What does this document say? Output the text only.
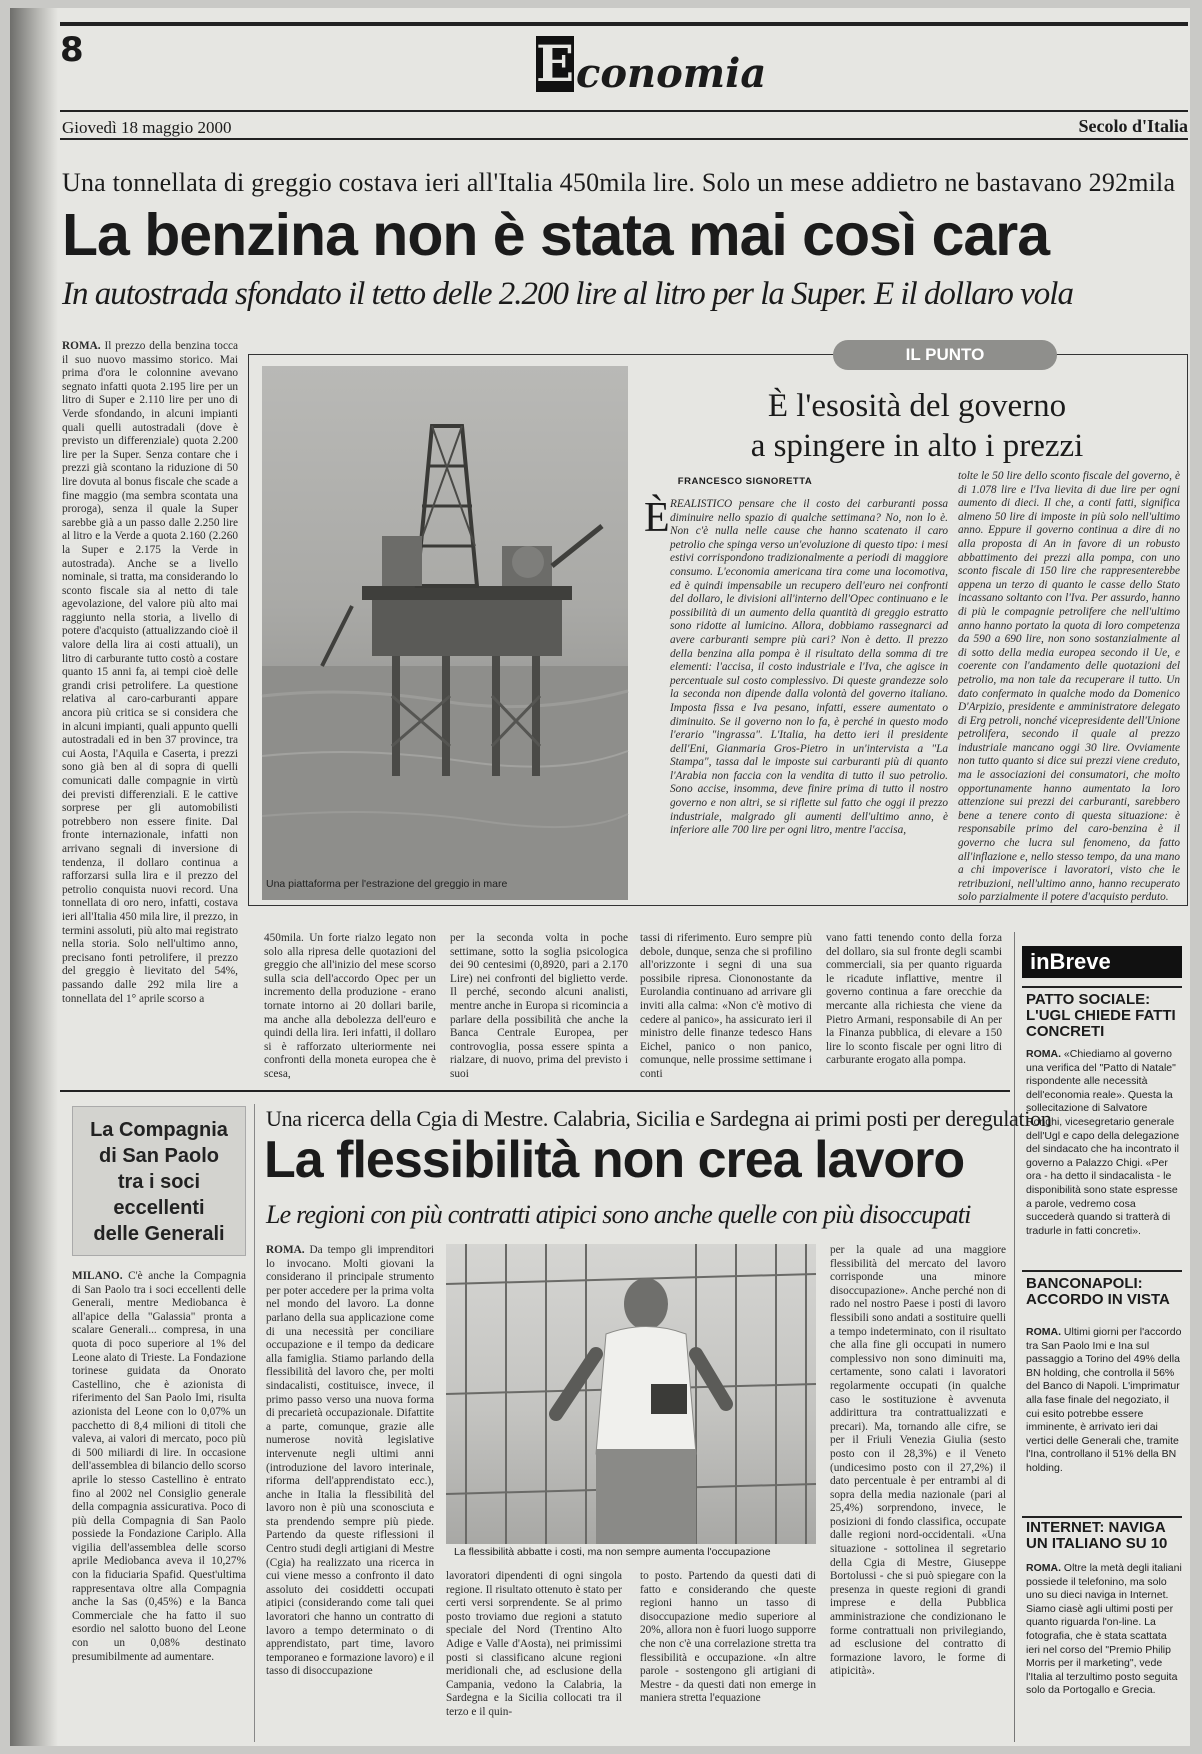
8	E conomia
Giovedì 18 maggio 2000	Secolo d'Italia
Una tonnellata di greggio costava ieri all'Italia 450mila lire. Solo un mese addietro ne bastavano 292mila
La benzina non è stata mai così cara
In autostrada sfondato il tetto delle 2.200 lire al litro per la Super. E il dollaro vola
ROMA. Il prezzo della benzina tocca il suo nuovo massimo storico. Mai prima d'ora le colonnine avevano segnato infatti quota 2.195 lire per un litro di Super e 2.110 lire per uno di Verde sfondando, in alcuni impianti quali quelli autostradali (dove è previsto un differenziale) quota 2.200 lire per la Super. Senza contare che i prezzi già scontano la riduzione di 50 lire dovuta al bonus fiscale che scade a fine maggio (ma sembra scontata una proroga), senza il quale la Super sarebbe già a un passo dalle 2.250 lire al litro e la Verde a quota 2.160 (2.260 la Super e 2.175 la Verde in autostrada). Anche se a livello nominale, si tratta, ma considerando lo sconto fiscale sia al netto di tale agevolazione, del valore più alto mai raggiunto nella storia, a livello di potere d'acquisto (attualizzando cioè il valore della lira ai costi attuali), un litro di carburante tutto costò a costare quanto 15 anni fa, ai tempi cioè delle grandi crisi petrolifere. La questione relativa al caro-carburanti appare ancora più critica se si considera che in alcuni impianti, quali appunto quelli autostradali ed in ben 37 province, tra cui Aosta, l'Aquila e Caserta, i prezzi sono già ben al di sopra di quelli comunicati dalle compagnie in virtù dei previsti differenziali. E le cattive sorprese per gli automobilisti potrebbero non essere finite. Dal fronte internazionale, infatti non arrivano segnali di inversione di tendenza, il dollaro continua a rafforzarsi sulla lira e il prezzo del petrolio conquista nuovi record. Una tonnellata di oro nero, infatti, costava ieri all'Italia 450 mila lire, il prezzo, in termini assoluti, più alto mai registrato nella storia. Solo nell'ultimo anno, precisano fonti petrolifere, il prezzo del greggio è lievitato del 54%, passando dalle 292 mila lire a tonnellata del 1° aprile scorso a
IL PUNTO
Una piattaforma per l'estrazione del greggio in mare
È l'esosità del governo
a spingere in alto i prezzi
FRANCESCO SIGNORETTA
È REALISTICO pensare che il costo dei carburanti possa diminuire nello spazio di qualche settimana? No, non lo è. Non c'è nulla nelle cause che hanno scatenato il caro petrolio che spinga verso un'evoluzione di questo tipo: i mesi estivi corrispondono tradizionalmente a periodi di maggiore consumo. L'economia americana tira come una locomotiva, ed è quindi impensabile un recupero dell'euro nei confronti del dollaro, le divisioni all'interno dell'Opec continuano e le possibilità di un aumento della quantità di greggio estratto sono ridotte al lumicino. Allora, dobbiamo rassegnarci ad avere carburanti sempre più cari? Non è detto. Il prezzo della benzina alla pompa è il risultato della somma di tre elementi: l'accisa, il costo industriale e l'Iva, che agisce in percentuale sul costo complessivo. Di queste grandezze solo la seconda non dipende dalla volontà del governo italiano. Imposta fissa e Iva pesano, infatti, essere aumentato o diminuito. Se il governo non lo fa, è perché in questo modo l'erario "ingrassa". L'Italia, ha detto ieri il presidente dell'Eni, Gianmaria Gros-Pietro in un'intervista a "La Stampa", tassa dal le imposte sui carburanti più di quanto l'Arabia non faccia con la vendita di tutto il suo petrolio. Sono accise, insomma, deve finire prima di tutto il nostro governo e non altri, se si riflette sul fatto che oggi il prezzo industriale, malgrado gli aumenti dell'ultimo anno, è inferiore alle 700 lire per ogni litro, mentre l'accisa,
tolte le 50 lire dello sconto fiscale del governo, è di 1.078 lire e l'Iva lievita di due lire per ogni aumento di dieci. Il che, a conti fatti, significa almeno 50 lire di imposte in più solo nell'ultimo anno. Eppure il governo continua a dire di no alla proposta di An in favore di un robusto abbattimento dei prezzi alla pompa, con uno sconto fiscale di 150 lire che rappresenterebbe appena un terzo di quanto le casse dello Stato incassano soltanto con l'Iva. Per assurdo, hanno di più le compagnie petrolifere che nell'ultimo anno hanno portato la quota di loro competenza da 590 a 690 lire, non sono sostanzialmente al di sotto della media europea secondo il Ue, e coerente con l'andamento delle quotazioni del petrolio, ma non tale da recuperare il tutto. Un dato confermato in qualche modo da Domenico D'Arpizio, presidente e amministratore delegato di Erg petroli, nonché vicepresidente dell'Unione petrolifera, secondo il quale al prezzo industriale mancano oggi 30 lire. Ovviamente non tutto quanto si dice sui prezzi viene creduto, ma le associazioni dei consumatori, che molto opportunamente hanno aumentato la loro attenzione sui prezzi dei carburanti, sarebbero bene a tenere conto di questa situazione: è responsabile primo del caro-benzina è il governo che lucra sul fenomeno, da fatto all'inflazione e, nello stesso tempo, da una mano a chi impoverisce i lavoratori, visto che le retribuzioni, nell'ultimo anno, hanno recuperato solo parzialmente il potere d'acquisto perduto.
450mila. Un forte rialzo legato non solo alla ripresa delle quotazioni del greggio che all'inizio del mese scorso sulla scia dell'accordo Opec per un incremento della produzione - erano tornate intorno ai 20 dollari barile, ma anche alla debolezza dell'euro e quindi della lira. Ieri infatti, il dollaro si è rafforzato ulteriormente nei confronti della moneta europea che è scesa,
per la seconda volta in poche settimane, sotto la soglia psicologica dei 90 centesimi (0,8920, pari a 2.170 Lire) nei confronti del biglietto verde. Il perché, secondo alcuni analisti, mentre anche in Europa si ricomincia a parlare della possibilità che anche la Banca Centrale Europea, per controvoglia, possa essere spinta a rialzare, di nuovo, prima del previsto i suoi
tassi di riferimento. Euro sempre più debole, dunque, senza che si profilino all'orizzonte i segni di una sua possibile ripresa. Ciononostante da Eurolandia continuano ad arrivare gli inviti alla calma: «Non c'è motivo di cedere al panico», ha assicurato ieri il ministro delle finanze tedesco Hans Eichel, panico o non panico, comunque, nelle prossime settimane i conti
vano fatti tenendo conto della forza del dollaro, sia sul fronte degli scambi commerciali, sia per quanto riguarda le ricadute inflattive, mentre il governo continua a fare orecchie da mercante alla richiesta che viene da Pietro Armani, responsabile di An per la Finanza pubblica, di elevare a 150 lire lo sconto fiscale per ogni litro di carburante erogato alla pompa.
inBreve
PATTO SOCIALE: L'UGL CHIEDE FATTI CONCRETI
ROMA. «Chiediamo al governo una verifica del "Patto di Natale" rispondente alle necessità dell'economia reale». Questa la sollecitazione di Salvatore Ronghi, vicesegretario generale dell'Ugl e capo della delegazione del sindacato che ha incontrato il governo a Palazzo Chigi. «Per ora - ha detto il sindacalista - le disponibilità sono state espresse a parole, vedremo cosa succederà quando si tratterà di tradurle in fatti concreti».
BANCONAPOLI: ACCORDO IN VISTA
ROMA. Ultimi giorni per l'accordo tra San Paolo Imi e Ina sul passaggio a Torino del 49% della BN holding, che controlla il 56% del Banco di Napoli. L'imprimatur alla fase finale del negoziato, il cui esito potrebbe essere imminente, è arrivato ieri dai vertici delle Generali che, tramite l'Ina, controllano il 51% della BN holding.
INTERNET: NAVIGA UN ITALIANO SU 10
ROMA. Oltre la metà degli italiani possiede il telefonino, ma solo uno su dieci naviga in Internet. Siamo ciasè agli ultimi posti per quanto riguarda l'on-line. La fotografia, che è stata scattata ieri nel corso del "Premio Philip Morris per il marketing", vede l'Italia al terzultimo posto seguita solo da Portogallo e Grecia.
La Compagnia
di San Paolo
tra i soci
eccellenti
delle Generali
MILANO. C'è anche la Compagnia di San Paolo tra i soci eccellenti delle Generali, mentre Mediobanca è all'apice della "Galassia" pronta a scalare Generali... compresa, in una quota di poco superiore al 1% del Leone alato di Trieste. La Fondazione torinese guidata da Onorato Castellino, che è azionista di riferimento del San Paolo Imi, risulta azionista del Leone con lo 0,07% un pacchetto di 8,4 milioni di titoli che valeva, ai valori di mercato, poco più di 500 miliardi di lire. In occasione dell'assemblea di bilancio dello scorso aprile lo stesso Castellino è entrato fino al 2002 nel Consiglio generale della compagnia assicurativa. Poco di più della Compagnia di San Paolo possiede la Fondazione Cariplo. Alla vigilia dell'assemblea delle scorso aprile Mediobanca aveva il 10,27% con la fiduciaria Spafid. Quest'ultima rappresentava oltre alla Compagnia anche la Sas (0,45%) e la Banca Commerciale che ha fatto il suo esordio nel salotto buono del Leone con un 0,08% destinato presumibilmente ad aumentare.
Una ricerca della Cgia di Mestre. Calabria, Sicilia e Sardegna ai primi posti per deregulation
La flessibilità non crea lavoro
Le regioni con più contratti atipici sono anche quelle con più disoccupati
ROMA. Da tempo gli imprenditori lo invocano. Molti giovani la considerano il principale strumento per poter accedere per la prima volta nel mondo del lavoro. La donne parlano della sua applicazione come di una necessità per conciliare occupazione e il tempo da dedicare alla famiglia. Stiamo parlando della flessibilità del lavoro che, per molti sindacalisti, costituisce, invece, il primo passo verso una nuova forma di precarietà occupazionale. Difattite a parte, comunque, grazie alle numerose novità legislative intervenute negli ultimi anni (introduzione del lavoro interinale, riforma dell'apprendistato ecc.), anche in Italia la flessibilità del lavoro non è più una sconosciuta e sta prendendo sempre più piede. Partendo da queste riflessioni il Centro studi degli artigiani di Mestre (Cgia) ha realizzato una ricerca in cui viene messo a confronto il dato assoluto dei cosiddetti occupati atipici (considerando come tali quei lavoratori che hanno un contratto di lavoro a tempo determinato o di apprendistato, part time, lavoro temporaneo e formazione lavoro) e il tasso di disoccupazione
La flessibilità abbatte i costi, ma non sempre aumenta l'occupazione
lavoratori dipendenti di ogni singola regione. Il risultato ottenuto è stato per certi versi sorprendente. Se al primo posto troviamo due regioni a statuto speciale del Nord (Trentino Alto Adige e Valle d'Aosta), nei primissimi posti si classificano alcune regioni meridionali che, ad esclusione della Campania, vedono la Calabria, la Sardegna e la Sicilia collocati tra il terzo e il quin-
to posto. Partendo da questi dati di fatto e considerando che queste regioni hanno un tasso di disoccupazione medio superiore al 20%, allora non è fuori luogo supporre che non c'è una correlazione stretta tra flessibilità e occupazione. «In altre parole - sostengono gli artigiani di Mestre - da questi dati non emerge in maniera stretta l'equazione
per la quale ad una maggiore flessibilità del mercato del lavoro corrisponde una minore disoccupazione». Anche perché non di rado nel nostro Paese i posti di lavoro flessibili sono andati a sostituire quelli a tempo indeterminato, con il risultato che alla fine gli occupati in numero complessivo non sono diminuiti ma, certamente, sono calati i lavoratori regolarmente occupati (in qualche caso le sostituzione è avvenuta addirittura tra contrattualizzati e precari). Ma, tornando alle cifre, se per il Friuli Venezia Giulia (sesto posto con il 28,3%) e il Veneto (undicesimo posto con il 27,2%) il dato percentuale è per entrambi al di sopra della media nazionale (pari al 25,4%) sorprendono, invece, le posizioni di fondo classifica, occupate dalle regioni nord-occidentali. «Una situazione - sottolinea il segretario della Cgia di Mestre, Giuseppe Bortolussi - che si può spiegare con la presenza in queste regioni di grandi imprese e della Pubblica amministrazione che condizionano le forme contrattuali non privilegiando, ad esclusione del contratto di formazione lavoro, le forme di atipicità».
